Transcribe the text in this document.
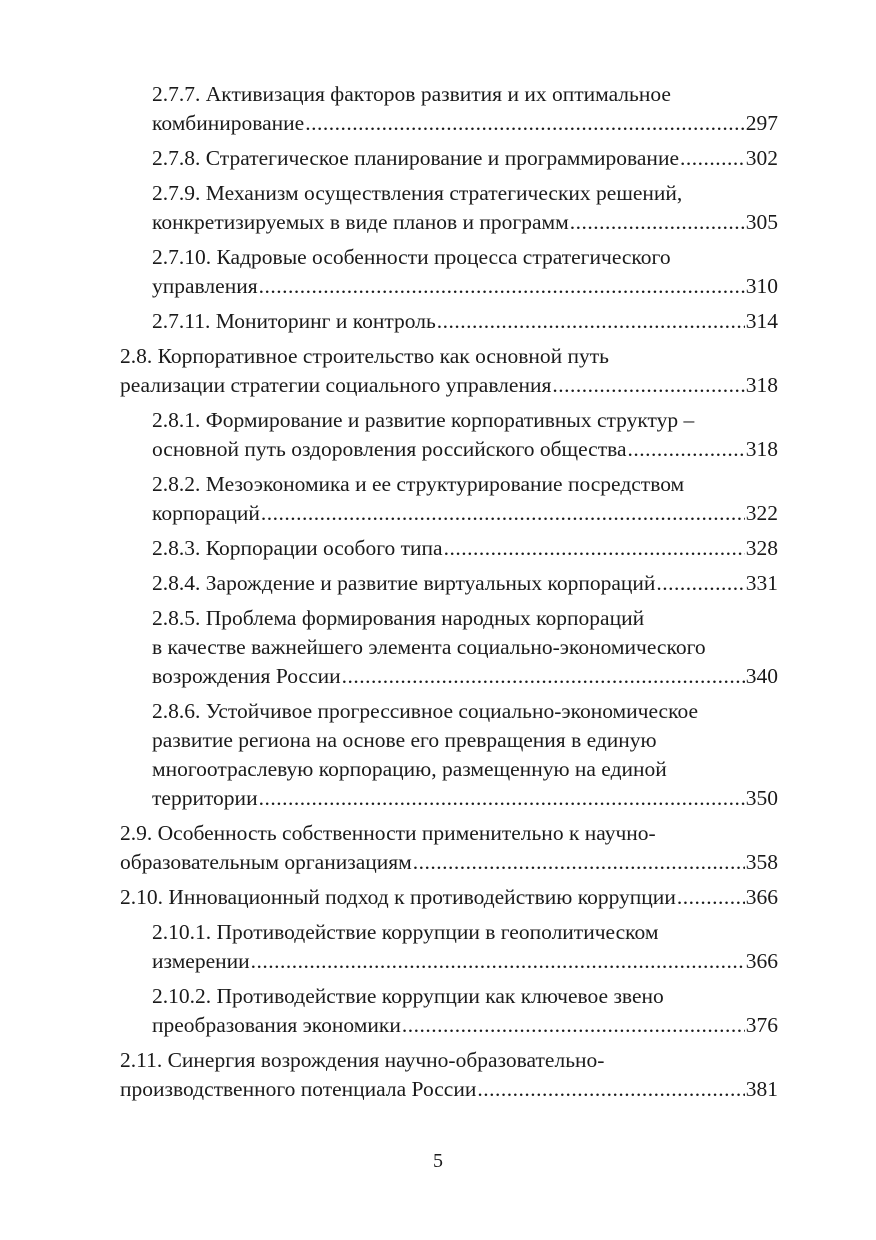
2.7.7. Активизация факторов развития и их оптимальное
комбинирование .....	297
2.7.8. Стратегическое планирование и программирование .....	302
2.7.9. Механизм осуществления стратегических решений,
конкретизируемых в виде планов и программ .....	305
2.7.10. Кадровые особенности процесса стратегического
управления .....	310
2.7.11. Мониторинг и контроль .....	314
2.8. Корпоративное строительство как основной путь
реализации стратегии социального управления .....	318
2.8.1. Формирование и развитие корпоративных структур –
основной путь оздоровления российского общества .....	318
2.8.2. Мезоэкономика и ее структурирование посредством
корпораций .....	322
2.8.3. Корпорации особого типа .....	328
2.8.4. Зарождение и развитие виртуальных корпораций .....	331
2.8.5. Проблема формирования народных корпораций
в качестве важнейшего элемента социально-экономического
возрождения России .....	340
2.8.6. Устойчивое прогрессивное социально-экономическое
развитие региона на основе его превращения в единую
многоотраслевую корпорацию, размещенную на единой
территории .....	350
2.9. Особенность собственности применительно к научно-
образовательным организациям .....	358
2.10. Инновационный подход к противодействию коррупции .....	366
2.10.1. Противодействие коррупции в геополитическом
измерении .....	366
2.10.2. Противодействие коррупции как ключевое звено
преобразования экономики .....	376
2.11. Синергия возрождения научно-образовательно-
производственного потенциала России .....	381
5
